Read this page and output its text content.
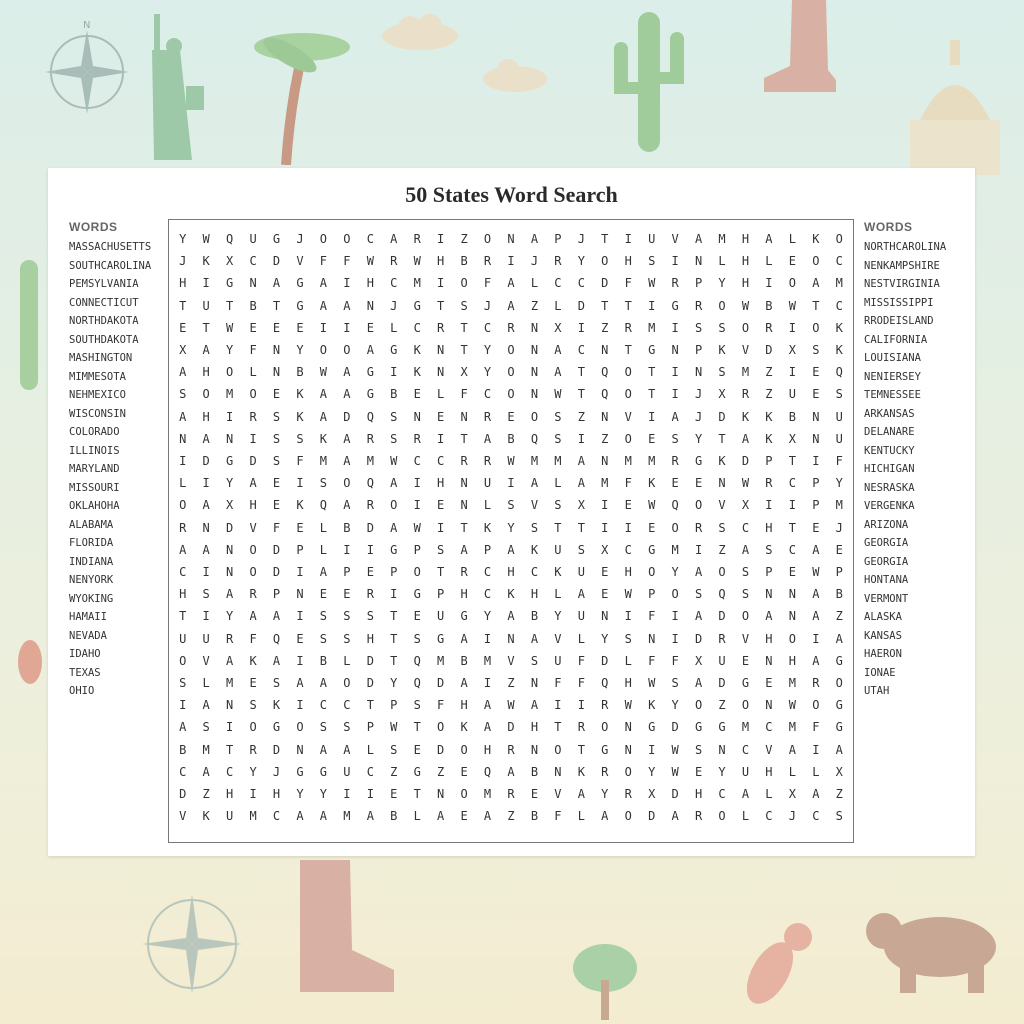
N
50 States Word Search
WORDS
MASSACHUSETTS
SOUTHCAROLINA
PEMSYLVANIA
CONNECTICUT
NORTHDAKOTA
SOUTHDAKOTA
MASHINGTON
MIMMESOTA
NEHMEXICO
WISCONSIN
COLORADO
ILLINOIS
MARYLAND
MISSOURI
OKLAHOHA
ALABAMA
FLORIDA
INDIANA
NENYORK
WYOKING
HAMAII
NEVADA
IDAHO
TEXAS
OHIO
Y	W	Q	U	G	J	O	O	C	A	R	I	Z	O	N	A	P	J	T	I	U	V	A	M	H	A	L	K	O
J	K	X	C	D	V	F	F	W	R	W	H	B	R	I	J	R	Y	O	H	S	I	N	L	H	L	E	O	C
H	I	G	N	A	G	A	I	H	C	M	I	O	F	A	L	C	C	D	F	W	R	P	Y	H	I	O	A	M
T	U	T	B	T	G	A	A	N	J	G	T	S	J	A	Z	L	D	T	T	I	G	R	O	W	B	W	T	C
E	T	W	E	E	E	I	I	E	L	C	R	T	C	R	N	X	I	Z	R	M	I	S	S	O	R	I	O	K
X	A	Y	F	N	Y	O	O	A	G	K	N	T	Y	O	N	A	C	N	T	G	N	P	K	V	D	X	S	K
A	H	O	L	N	B	W	A	G	I	K	N	X	Y	O	N	A	T	Q	O	T	I	N	S	M	Z	I	E	Q
S	O	M	O	E	K	A	A	G	B	E	L	F	C	O	N	W	T	Q	O	T	I	J	X	R	Z	U	E	S
A	H	I	R	S	K	A	D	Q	S	N	E	N	R	E	O	S	Z	N	V	I	A	J	D	K	K	B	N	U
N	A	N	I	S	S	K	A	R	S	R	I	T	A	B	Q	S	I	Z	O	E	S	Y	T	A	K	X	N	U
I	D	G	D	S	F	M	A	M	W	C	C	R	R	W	M	M	A	N	M	M	R	G	K	D	P	T	I	F
L	I	Y	A	E	I	S	O	Q	A	I	H	N	U	I	A	L	A	M	F	K	E	E	N	W	R	C	P	Y
O	A	X	H	E	K	Q	A	R	O	I	E	N	L	S	V	S	X	I	E	W	Q	O	V	X	I	I	P	M
R	N	D	V	F	E	L	B	D	A	W	I	T	K	Y	S	T	T	I	I	E	O	R	S	C	H	T	E	J
A	A	N	O	D	P	L	I	I	G	P	S	A	P	A	K	U	S	X	C	G	M	I	Z	A	S	C	A	E
C	I	N	O	D	I	A	P	E	P	O	T	R	C	H	C	K	U	E	H	O	Y	A	O	S	P	E	W	P
H	S	A	R	P	N	E	E	R	I	G	P	H	C	K	H	L	A	E	W	P	O	S	Q	S	N	N	A	B
T	I	Y	A	A	I	S	S	S	T	E	U	G	Y	A	B	Y	U	N	I	F	I	A	D	O	A	N	A	Z
U	U	R	F	Q	E	S	S	H	T	S	G	A	I	N	A	V	L	Y	S	N	I	D	R	V	H	O	I	A
O	V	A	K	A	I	B	L	D	T	Q	M	B	M	V	S	U	F	D	L	F	F	X	U	E	N	H	A	G
S	L	M	E	S	A	A	O	D	Y	Q	D	A	I	Z	N	F	F	Q	H	W	S	A	D	G	E	M	R	O
I	A	N	S	K	I	C	C	T	P	S	F	H	A	W	A	I	I	R	W	K	Y	O	Z	O	N	W	O	G
A	S	I	O	G	O	S	S	P	W	T	O	K	A	D	H	T	R	O	N	G	D	G	G	M	C	M	F	G
B	M	T	R	D	N	A	A	L	S	E	D	O	H	R	N	O	T	G	N	I	W	S	N	C	V	A	I	A
C	A	C	Y	J	G	G	U	C	Z	G	Z	E	Q	A	B	N	K	R	O	Y	W	E	Y	U	H	L	L	X
D	Z	H	I	H	Y	Y	I	I	E	T	N	O	M	R	E	V	A	Y	R	X	D	H	C	A	L	X	A	Z
V	K	U	M	C	A	A	M	A	B	L	A	E	A	Z	B	F	L	A	O	D	A	R	O	L	C	J	C	S
WORDS
NORTHCAROLINA
NENKAMPSHIRE
NESTVIRGINIA
MISSISSIPPI
RRODEISLAND
CALIFORNIA
LOUISIANA
NENIERSEY
TEMNESSEE
ARKANSAS
DELANARE
KENTUCKY
HICHIGAN
NESRASKA
VERGENKA
ARIZONA
GEORGIA
GEORGIA
HONTANA
VERMONT
ALASKA
KANSAS
HAERON
IONAE
UTAH
